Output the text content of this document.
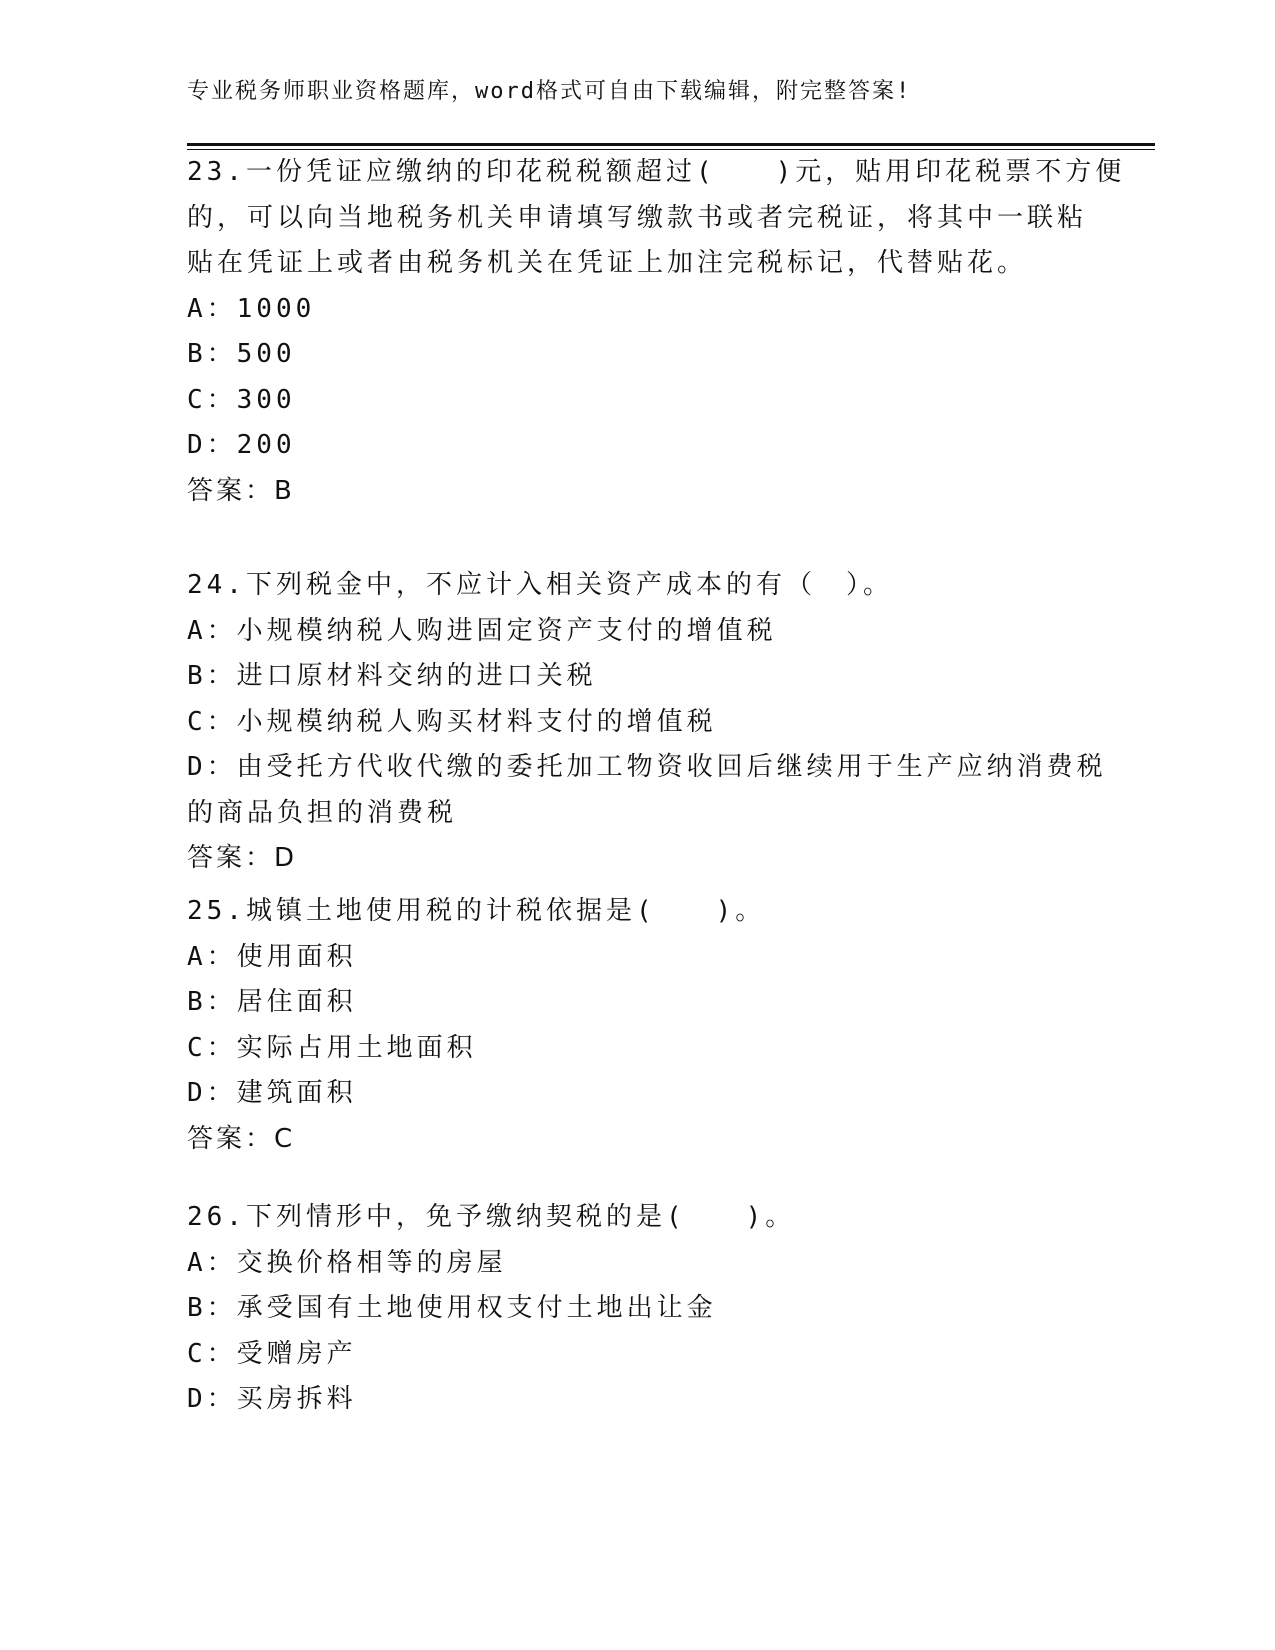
专业税务师职业资格题库，word格式可自由下载编辑，附完整答案!
23.一份凭证应缴纳的印花税税额超过(　　)元，贴用印花税票不方便
的，可以向当地税务机关申请填写缴款书或者完税证，将其中一联粘
贴在凭证上或者由税务机关在凭证上加注完税标记，代替贴花。
A：1000
B：500
C：300
D：200
答案：B
24.下列税金中，不应计入相关资产成本的有（　）。
A：小规模纳税人购进固定资产支付的增值税
B：进口原材料交纳的进口关税
C：小规模纳税人购买材料支付的增值税
D：由受托方代收代缴的委托加工物资收回后继续用于生产应纳消费税
的商品负担的消费税
答案：D
25.城镇土地使用税的计税依据是(　　)。
A：使用面积
B：居住面积
C：实际占用土地面积
D：建筑面积
答案：C
26.下列情形中，免予缴纳契税的是(　　)。
A：交换价格相等的房屋
B：承受国有土地使用权支付土地出让金
C：受赠房产
D：买房拆料
